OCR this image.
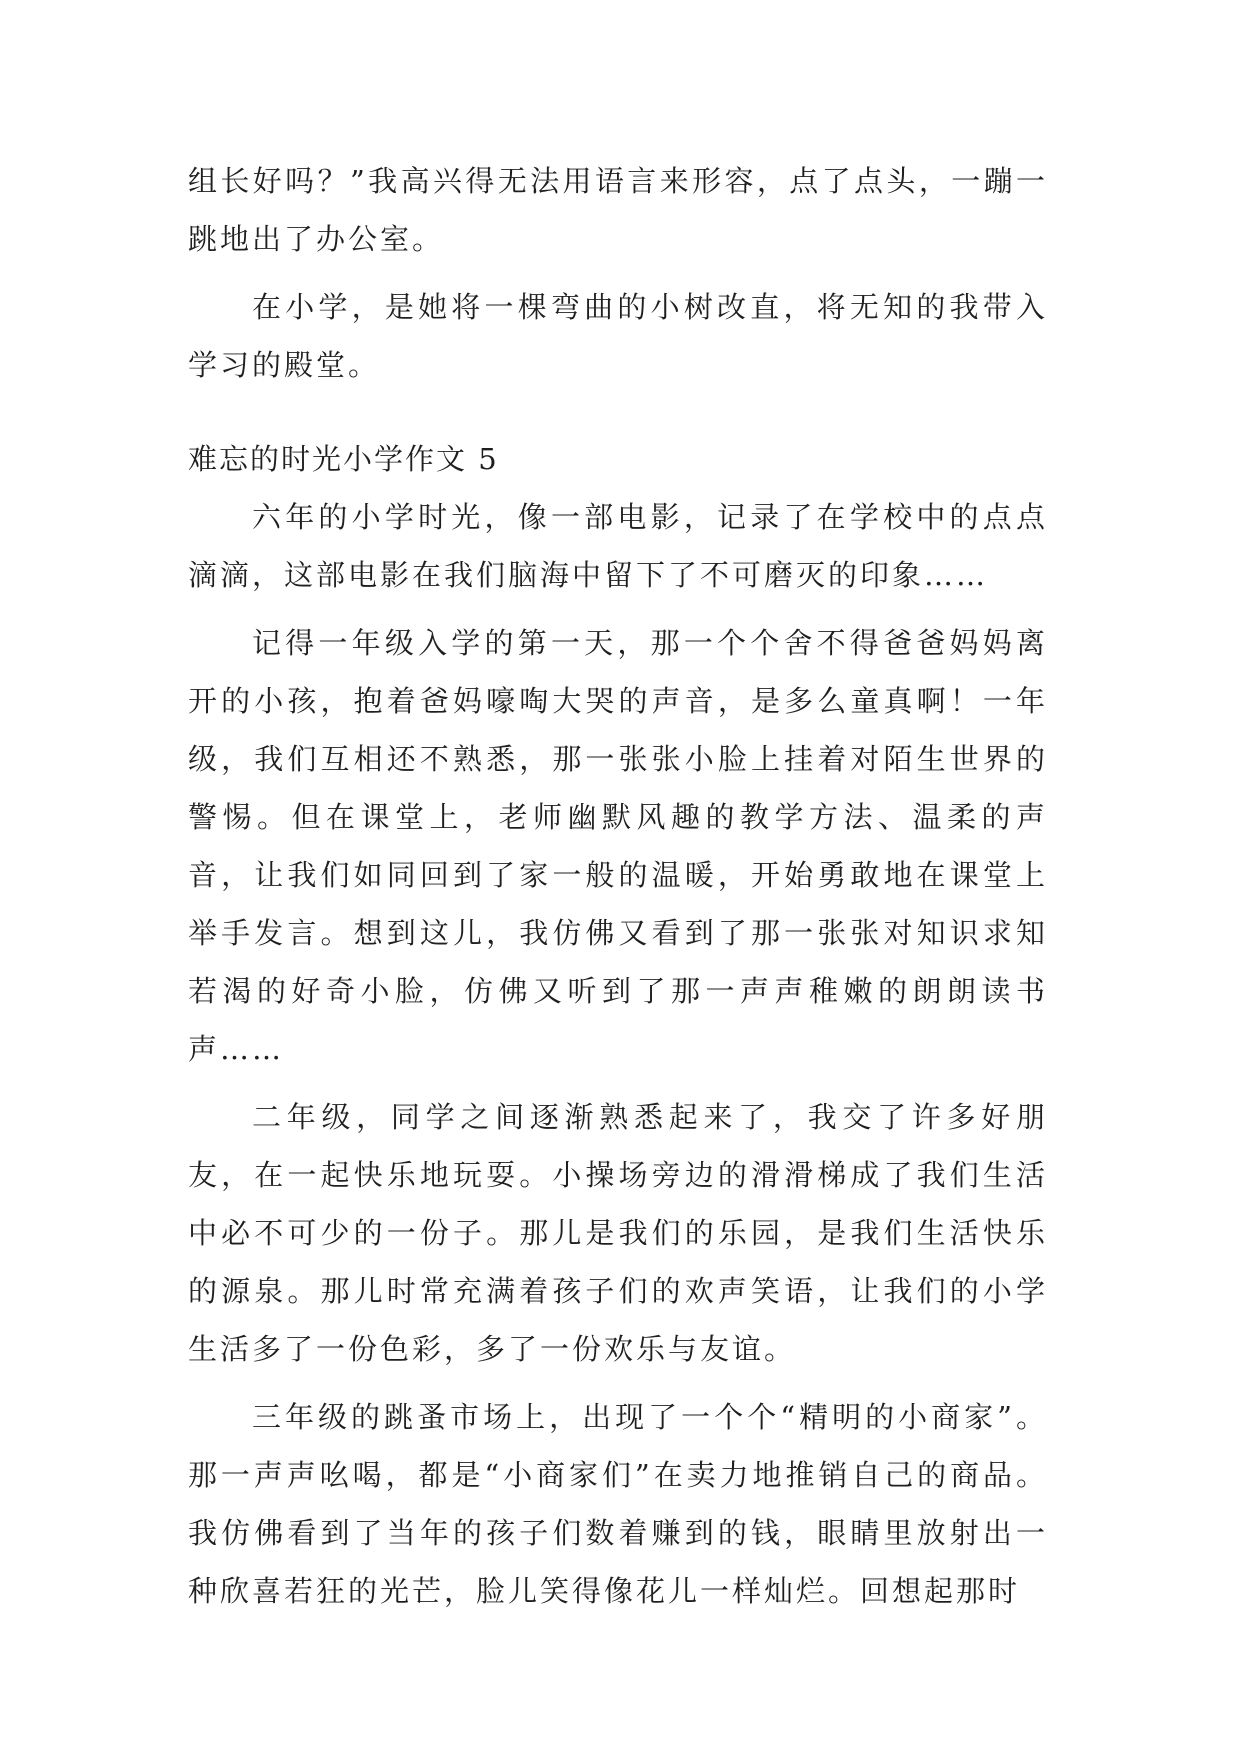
组长好吗？”我高兴得无法用语言来形容，点了点头，一蹦一跳地出了办公室。

在小学，是她将一棵弯曲的小树改直，将无知的我带入学习的殿堂。

难忘的时光小学作文 5

六年的小学时光，像一部电影，记录了在学校中的点点滴滴，这部电影在我们脑海中留下了不可磨灭的印象……

记得一年级入学的第一天，那一个个舍不得爸爸妈妈离开的小孩，抱着爸妈嚎啕大哭的声音，是多么童真啊！一年级，我们互相还不熟悉，那一张张小脸上挂着对陌生世界的警惕。但在课堂上，老师幽默风趣的教学方法、温柔的声音，让我们如同回到了家一般的温暖，开始勇敢地在课堂上举手发言。想到这儿，我仿佛又看到了那一张张对知识求知若渴的好奇小脸，仿佛又听到了那一声声稚嫩的朗朗读书声……

二年级，同学之间逐渐熟悉起来了，我交了许多好朋友，在一起快乐地玩耍。小操场旁边的滑滑梯成了我们生活中必不可少的一份子。那儿是我们的乐园，是我们生活快乐的源泉。那儿时常充满着孩子们的欢声笑语，让我们的小学生活多了一份色彩，多了一份欢乐与友谊。

三年级的跳蚤市场上，出现了一个个“精明的小商家”。那一声声吆喝，都是“小商家们”在卖力地推销自己的商品。我仿佛看到了当年的孩子们数着赚到的钱，眼睛里放射出一种欣喜若狂的光芒，脸儿笑得像花儿一样灿烂。回想起那时
